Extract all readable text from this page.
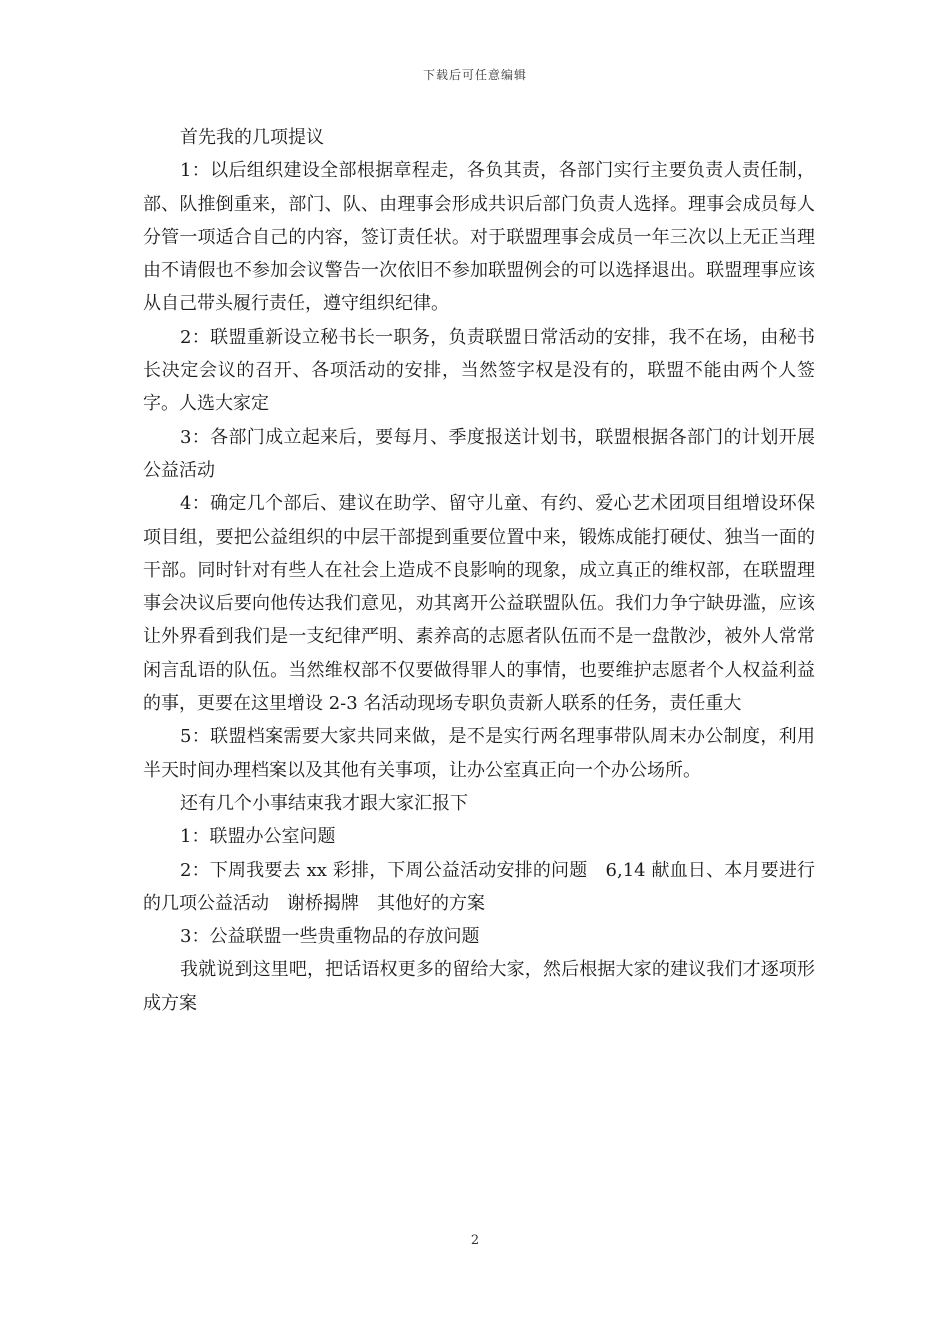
下载后可任意编辑

首先我的几项提议

1：以后组织建设全部根据章程走，各负其责，各部门实行主要负责人责任制，部、队推倒重来，部门、队、由理事会形成共识后部门负责人选择。理事会成员每人分管一项适合自己的内容，签订责任状。对于联盟理事会成员一年三次以上无正当理由不请假也不参加会议警告一次依旧不参加联盟例会的可以选择退出。联盟理事应该从自己带头履行责任，遵守组织纪律。

2：联盟重新设立秘书长一职务，负责联盟日常活动的安排，我不在场，由秘书长决定会议的召开、各项活动的安排，当然签字权是没有的，联盟不能由两个人签字。人选大家定

3：各部门成立起来后，要每月、季度报送计划书，联盟根据各部门的计划开展公益活动

4：确定几个部后、建议在助学、留守儿童、有约、爱心艺术团项目组增设环保项目组，要把公益组织的中层干部提到重要位置中来，锻炼成能打硬仗、独当一面的干部。同时针对有些人在社会上造成不良影响的现象，成立真正的维权部，在联盟理事会决议后要向他传达我们意见，劝其离开公益联盟队伍。我们力争宁缺毋滥，应该让外界看到我们是一支纪律严明、素养高的志愿者队伍而不是一盘散沙，被外人常常闲言乱语的队伍。当然维权部不仅要做得罪人的事情，也要维护志愿者个人权益利益的事，更要在这里增设 2-3 名活动现场专职负责新人联系的任务，责任重大

5：联盟档案需要大家共同来做，是不是实行两名理事带队周末办公制度，利用半天时间办理档案以及其他有关事项，让办公室真正向一个办公场所。

还有几个小事结束我才跟大家汇报下

1：联盟办公室问题

2：下周我要去 xx 彩排，下周公益活动安排的问题　6,14 献血日、本月要进行的几项公益活动　谢桥揭牌　其他好的方案

3：公益联盟一些贵重物品的存放问题

我就说到这里吧，把话语权更多的留给大家，然后根据大家的建议我们才逐项形成方案

2
